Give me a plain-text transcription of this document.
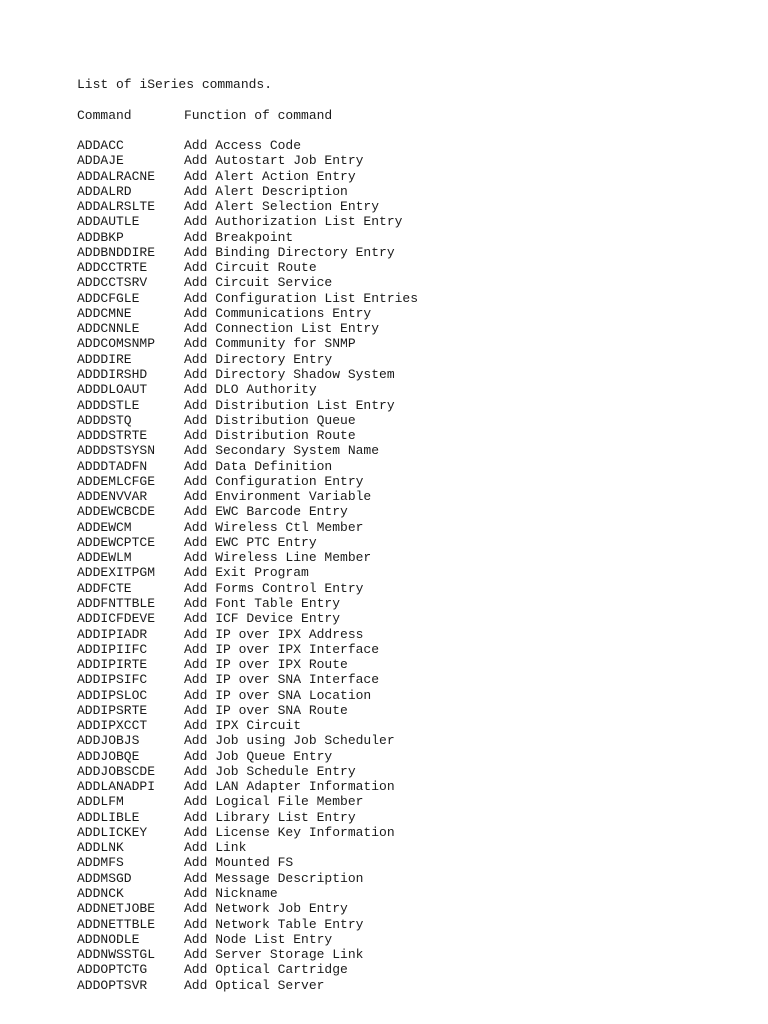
List of iSeries commands.
Command	Function of command
ADDACC	Add Access Code
ADDAJE	Add Autostart Job Entry
ADDALRACNE Add Alert Action Entry
ADDALRD	Add Alert Description
ADDALRSLTE Add Alert Selection Entry
ADDAUTLE	Add Authorization List Entry
ADDBKP	Add Breakpoint
ADDBNDDIRE Add Binding Directory Entry
ADDCCTRTE	Add Circuit Route
ADDCCTSRV	Add Circuit Service
ADDCFGLE	Add Configuration List Entries
ADDCMNE	Add Communications Entry
ADDCNNLE	Add Connection List Entry
ADDCOMSNMP Add Community for SNMP
ADDDIRE	Add Directory Entry
ADDDIRSHD	Add Directory Shadow System
ADDDLOAUT	Add DLO Authority
ADDDSTLE	Add Distribution List Entry
ADDDSTQ	Add Distribution Queue
ADDDSTRTE	Add Distribution Route
ADDDSTSYSN Add Secondary System Name
ADDDTADFN	Add Data Definition
ADDEMLCFGE Add Configuration Entry
ADDENVVAR	Add Environment Variable
ADDEWCBCDE Add EWC Barcode Entry
ADDEWCM	Add Wireless Ctl Member
ADDEWCPTCE Add EWC PTC Entry
ADDEWLM	Add Wireless Line Member
ADDEXITPGM Add Exit Program
ADDFCTE	Add Forms Control Entry
ADDFNTTBLE Add Font Table Entry
ADDICFDEVE Add ICF Device Entry
ADDIPIADR	Add IP over IPX Address
ADDIPIIFC	Add IP over IPX Interface
ADDIPIRTE	Add IP over IPX Route
ADDIPSIFC	Add IP over SNA Interface
ADDIPSLOC	Add IP over SNA Location
ADDIPSRTE	Add IP over SNA Route
ADDIPXCCT	Add IPX Circuit
ADDJOBJS	Add Job using Job Scheduler
ADDJOBQE	Add Job Queue Entry
ADDJOBSCDE Add Job Schedule Entry
ADDLANADPI Add LAN Adapter Information
ADDLFM	Add Logical File Member
ADDLIBLE	Add Library List Entry
ADDLICKEY	Add License Key Information
ADDLNK	Add Link
ADDMFS	Add Mounted FS
ADDMSGD	Add Message Description
ADDNCK	Add Nickname
ADDNETJOBE Add Network Job Entry
ADDNETTBLE Add Network Table Entry
ADDNODLE	Add Node List Entry
ADDNWSSTGL Add Server Storage Link
ADDOPTCTG	Add Optical Cartridge
ADDOPTSVR	Add Optical Server
